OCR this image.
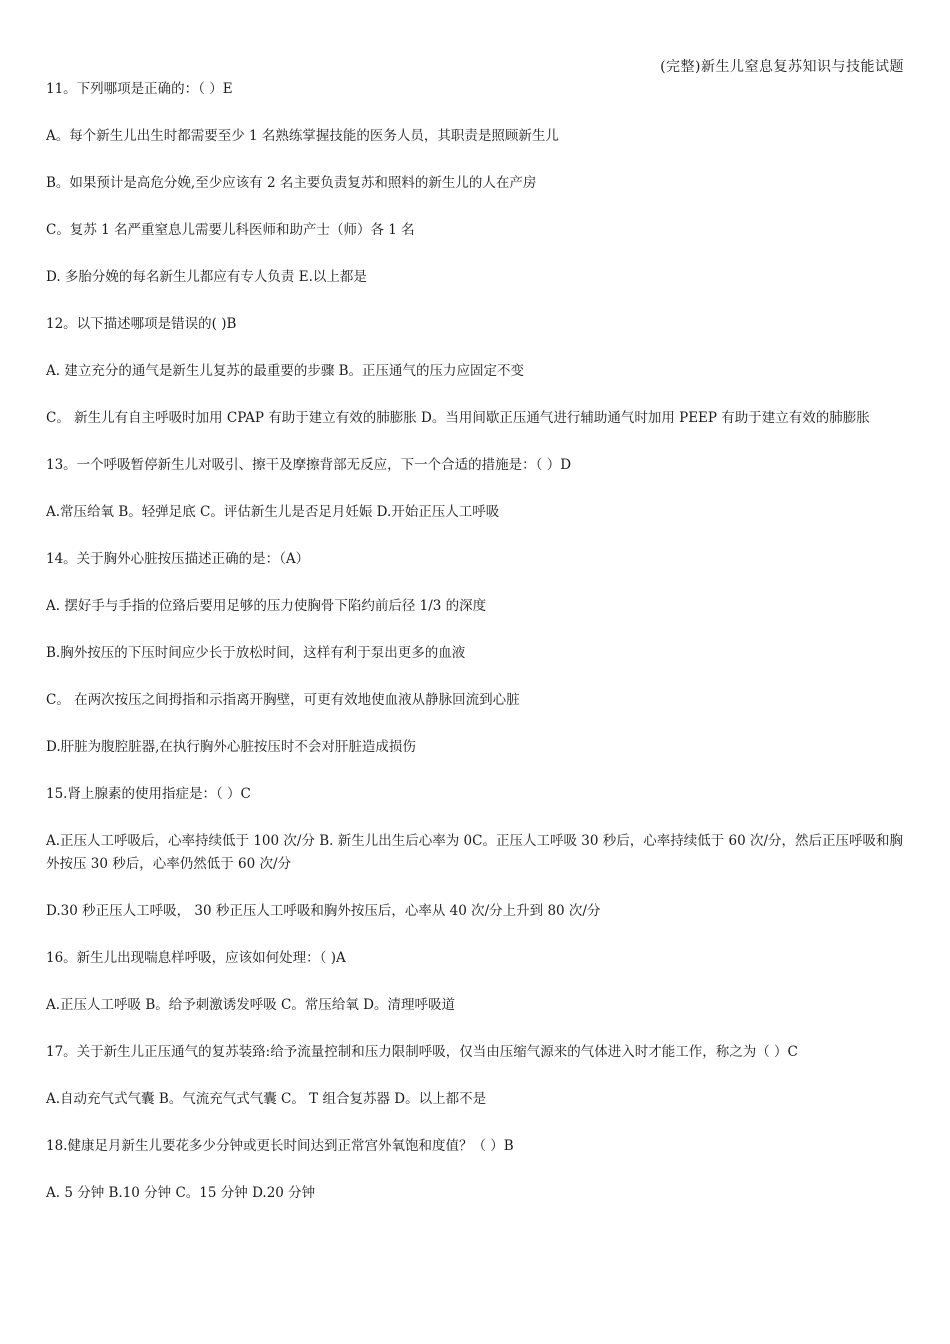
(完整)新生儿窒息复苏知识与技能试题

11。下列哪项是正确的：（ ）E

A。每个新生儿出生时都需要至少 1 名熟练掌握技能的医务人员，其职责是照顾新生儿

B。如果预计是高危分娩,至少应该有 2 名主要负责复苏和照料的新生儿的人在产房

C。复苏 1 名严重窒息儿需要儿科医师和助产士（师）各 1 名

D. 多胎分娩的每名新生儿都应有专人负责 E.以上都是

12。以下描述哪项是错误的( )B

A. 建立充分的通气是新生儿复苏的最重要的步骤 B。正压通气的压力应固定不变

C。 新生儿有自主呼吸时加用 CPAP 有助于建立有效的肺膨胀 D。当用间歇正压通气进行辅助通气时加用 PEEP 有助于建立有效的肺膨胀

13。一个呼吸暂停新生儿对吸引、擦干及摩擦背部无反应，下一个合适的措施是：（ ）D

A.常压给氧 B。轻弹足底 C。评估新生儿是否足月妊娠 D.开始正压人工呼吸

14。关于胸外心脏按压描述正确的是：（A）

A. 摆好手与手指的位臵后要用足够的压力使胸骨下陷约前后径 1/3 的深度

B.胸外按压的下压时间应少长于放松时间，这样有利于泵出更多的血液

C。 在两次按压之间拇指和示指离开胸壁，可更有效地使血液从静脉回流到心脏

D.肝脏为腹腔脏器,在执行胸外心脏按压时不会对肝脏造成损伤

15.肾上腺素的使用指症是：（ ）C

A.正压人工呼吸后，心率持续低于 100 次/分 B. 新生儿出生后心率为 0C。正压人工呼吸 30 秒后，心率持续低于 60 次/分，然后正压呼吸和胸外按压 30 秒后，心率仍然低于 60 次/分

D.30 秒正压人工呼吸， 30 秒正压人工呼吸和胸外按压后，心率从 40 次/分上升到 80 次/分

16。新生儿出现喘息样呼吸，应该如何处理：（ )A

A.正压人工呼吸 B。给予刺激诱发呼吸 C。常压给氧 D。清理呼吸道

17。关于新生儿正压通气的复苏装臵:给予流量控制和压力限制呼吸，仅当由压缩气源来的气体进入时才能工作，称之为（ ）C

A.自动充气式气囊 B。气流充气式气囊 C。 T 组合复苏器 D。以上都不是

18.健康足月新生儿要花多少分钟或更长时间达到正常宫外氧饱和度值？（ ）B

A. 5 分钟 B.10 分钟 C。15 分钟 D.20 分钟
